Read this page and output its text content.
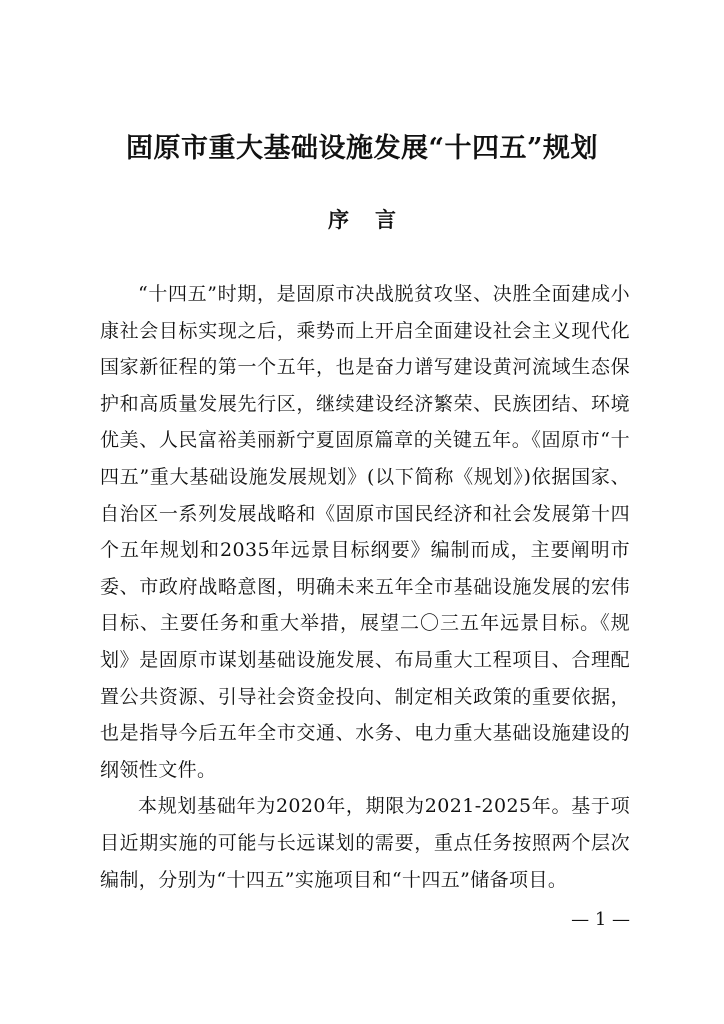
固原市重大基础设施发展“十四五”规划
序言

“十四五”时期，是固原市决战脱贫攻坚、决胜全面建成小康社会目标实现之后，乘势而上开启全面建设社会主义现代化国家新征程的第一个五年，也是奋力谱写建设黄河流域生态保护和高质量发展先行区，继续建设经济繁荣、民族团结、环境优美、人民富裕美丽新宁夏固原篇章的关键五年。《固原市“十四五”重大基础设施发展规划》(以下简称《规划》)依据国家、自治区一系列发展战略和《固原市国民经济和社会发展第十四个五年规划和2035年远景目标纲要》编制而成，主要阐明市委、市政府战略意图，明确未来五年全市基础设施发展的宏伟目标、主要任务和重大举措，展望二〇三五年远景目标。《规划》是固原市谋划基础设施发展、布局重大工程项目、合理配置公共资源、引导社会资金投向、制定相关政策的重要依据，也是指导今后五年全市交通、水务、电力重大基础设施建设的纲领性文件。

本规划基础年为2020年，期限为2021-2025年。基于项目近期实施的可能与长远谋划的需要，重点任务按照两个层次编制，分别为“十四五”实施项目和“十四五”储备项目。

— 1 —
